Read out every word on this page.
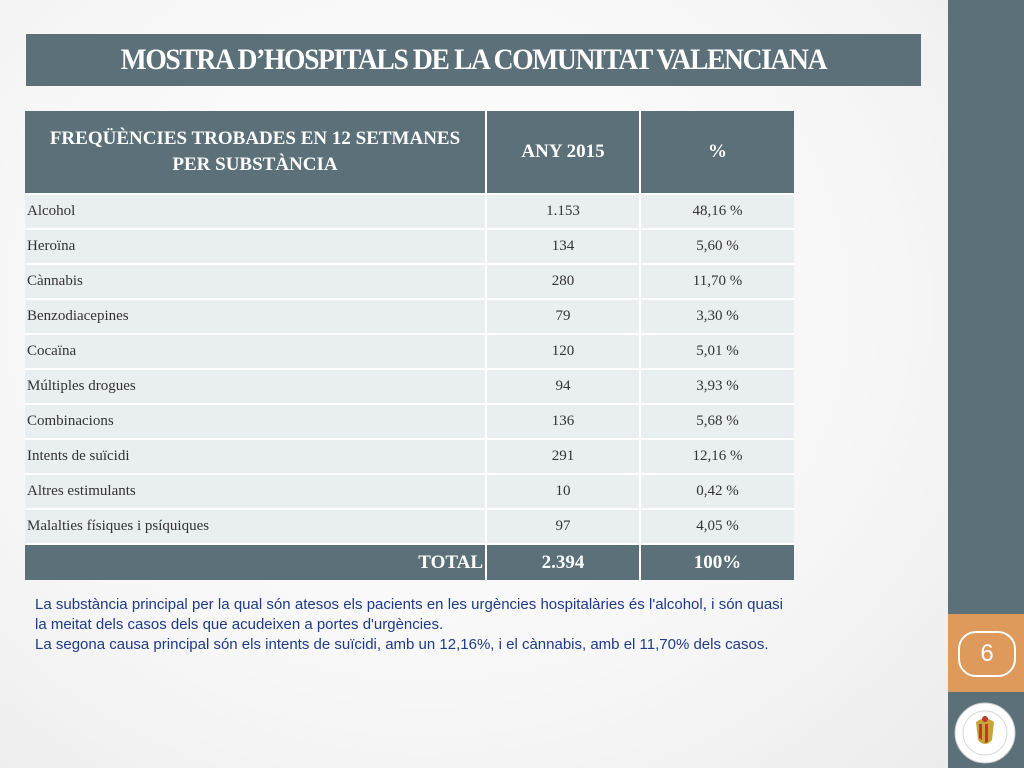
6
MOSTRA D’HOSPITALS DE LA COMUNITAT VALENCIANA
FREQÜÈNCIES TROBADES EN 12 SETMANES PER SUBSTÀNCIA	ANY 2015	%
Alcohol	1.153	48,16 %
Heroïna	134	5,60 %
Cànnabis	280	11,70 %
Benzodiacepines	79	3,30 %
Cocaïna	120	5,01 %
Múltiples drogues	94	3,93 %
Combinacions	136	5,68 %
Intents de suïcidi	291	12,16 %
Altres estimulants	10	0,42 %
Malalties físiques i psíquiques	97	4,05 %
TOTAL	2.394	100%

La substància principal per la qual són atesos els pacients en les urgències hospitalàries és l'alcohol, i són quasi la meitat dels casos dels que acudeixen a portes d'urgències.

La segona causa principal són els intents de suïcidi, amb un 12,16%, i el cànnabis, amb el 11,70% dels casos.
